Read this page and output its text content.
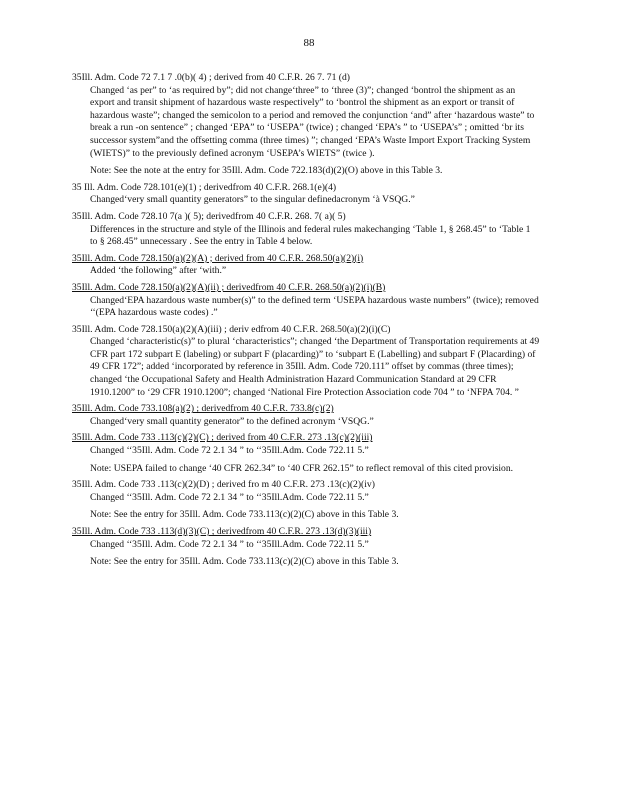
88
35Ill. Adm. Code 72 7.1 7 .0(b)( 4) ; derived from 40 C.F.R. 26 7. 71 (d)
Changed ‘as per” to ‘as required by”; did not change‘three” to ‘three (3)”; changed ‘bontrol the shipment as an export and transit shipment of hazardous waste respectively” to ‘bontrol the shipment as an export or transit of hazardous waste”; changed the semicolon to a period and removed the conjunction ‘and” after ‘hazardous waste” to break a run -on sentence” ; changed ‘EPA” to ‘USEPA” (twice) ; changed ‘EPA’s ” to ‘USEPA’s” ; omitted ‘br its successor system”and the offsetting comma (three times) ”; changed ‘EPA’s Waste Import Export Tracking System (WIETS)” to the previously defined acronym ‘USEPA’s WIETS” (twice ).
Note: See the note at the entry for 35Ill. Adm. Code 722.183(d)(2)(O) above in this Table 3.
35 Ill. Adm. Code 728.101(e)(1) ; derivedfrom 40 C.F.R. 268.1(e)(4)
Changed‘very small quantity generators” to the singular definedacronym ‘à VSQG.”
35Ill. Adm. Code 728.10 7(a )( 5); derivedfrom 40 C.F.R. 268. 7( a)( 5)
Differences in the structure and style of the Illinois and federal rules makechanging ‘Table 1, § 268.45” to ‘Table 1 to § 268.45” unnecessary . See the entry in Table 4 below.
35Ill. Adm. Code 728.150(a)(2)(A) ; derived from 40 C.F.R. 268.50(a)(2)(i)
Added ‘the following” after ‘with.”
35Ill. Adm. Code 728.150(a)(2)(A)(ii) ; derivedfrom 40 C.F.R. 268.50(a)(2)(i)(B)
Changed‘EPA hazardous waste number(s)” to the defined term ‘USEPA hazardous waste numbers” (twice); removed ‘‘(EPA hazardous waste codes) .”
35Ill. Adm. Code 728.150(a)(2)(A)(iii) ; deriv edfrom 40 C.F.R. 268.50(a)(2)(i)(C)
Changed ‘characteristic(s)” to plural ‘characteristics”; changed ‘the Department of Transportation requirements at 49 CFR part 172 subpart E (labeling) or subpart F (placarding)” to ‘subpart E (Labelling) and subpart F (Placarding) of 49 CFR 172”; added ‘incorporated by reference in 35Ill. Adm. Code 720.111” offset by commas (three times); changed ‘the Occupational Safety and Health Administration Hazard Communication Standard at 29 CFR 1910.1200” to ‘29 CFR 1910.1200”; changed ‘National Fire Protection Association code 704 ” to ‘NFPA 704. ”
35Ill. Adm. Code 733.108(a)(2) ; derivedfrom 40 C.F.R. 733.8(c)(2)
Changed‘very small quantity generator” to the defined acronym ‘VSQG.”
35Ill. Adm. Code 733 .113(c)(2)(C) ; derived from 40 C.F.R. 273 .13(c)(2)(iii)
Changed ‘‘35Ill. Adm. Code 72 2.1 34 ” to ‘‘35Ill.Adm. Code 722.11 5.”
Note: USEPA failed to change ‘40 CFR 262.34” to ‘40 CFR 262.15” to reflect removal of this cited provision.
35Ill. Adm. Code 733 .113(c)(2)(D) ; derived fro m 40 C.F.R. 273 .13(c)(2)(iv)
Changed ‘‘35Ill. Adm. Code 72 2.1 34 ” to ‘‘35Ill.Adm. Code 722.11 5.”
Note: See the entry for 35Ill. Adm. Code 733.113(c)(2)(C) above in this Table 3.
35Ill. Adm. Code 733 .113(d)(3)(C) ; derivedfrom 40 C.F.R. 273 .13(d)(3)(iii)
Changed ‘‘35Ill. Adm. Code 72 2.1 34 ” to ‘‘35Ill.Adm. Code 722.11 5.”
Note: See the entry for 35Ill. Adm. Code 733.113(c)(2)(C) above in this Table 3.
